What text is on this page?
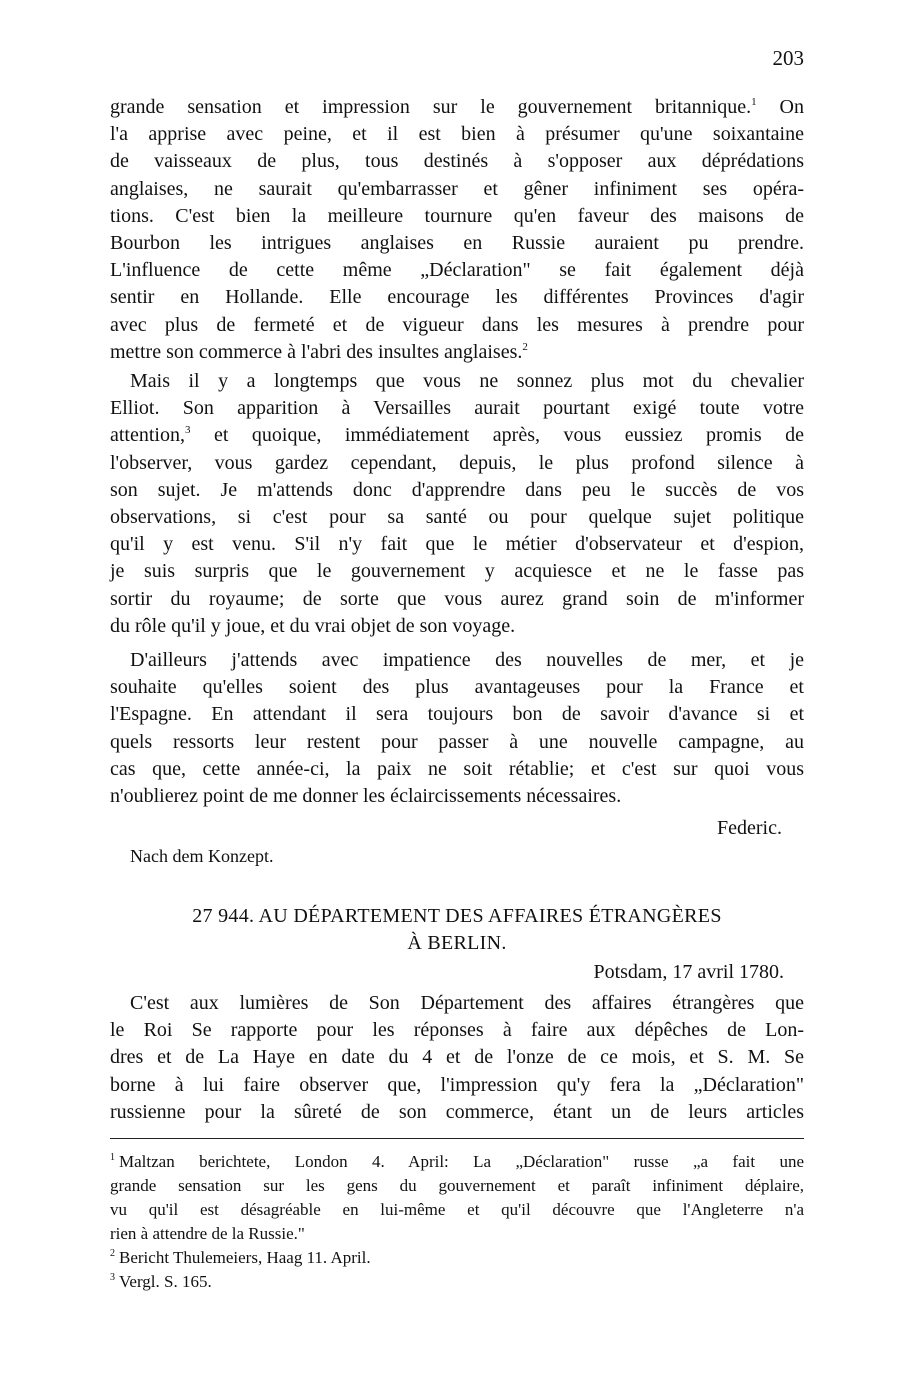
203
grande sensation et impression sur le gouvernement britannique.$^1$ On
l'a apprise avec peine, et il est bien à présumer qu'une soixantaine
de vaisseaux de plus, tous destinés à s'opposer aux déprédations
anglaises, ne saurait qu'embarrasser et gêner infiniment ses opéra-
tions. C'est bien la meilleure tournure qu'en faveur des maisons de
Bourbon les intrigues anglaises en Russie auraient pu prendre.
L'influence de cette même „Déclaration" se fait également déjà
sentir en Hollande. Elle encourage les différentes Provinces d'agir
avec plus de fermeté et de vigueur dans les mesures à prendre pour
mettre son commerce à l'abri des insultes anglaises.$^2$
Mais il y a longtemps que vous ne sonnez plus mot du chevalier
Elliot. Son apparition à Versailles aurait pourtant exigé toute votre
attention,$^3$ et quoique, immédiatement après, vous eussiez promis de
l'observer, vous gardez cependant, depuis, le plus profond silence à
son sujet. Je m'attends donc d'apprendre dans peu le succès de vos
observations, si c'est pour sa santé ou pour quelque sujet politique
qu'il y est venu. S'il n'y fait que le métier d'observateur et d'espion,
je suis surpris que le gouvernement y acquiesce et ne le fasse pas
sortir du royaume; de sorte que vous aurez grand soin de m'informer
du rôle qu'il y joue, et du vrai objet de son voyage.
D'ailleurs j'attends avec impatience des nouvelles de mer, et je
souhaite qu'elles soient des plus avantageuses pour la France et
l'Espagne. En attendant il sera toujours bon de savoir d'avance si et
quels ressorts leur restent pour passer à une nouvelle campagne, au
cas que, cette année-ci, la paix ne soit rétablie; et c'est sur quoi vous
n'oublierez point de me donner les éclaircissements nécessaires.
Federic.
Nach dem Konzept.
27 944. AU DÉPARTEMENT DES AFFAIRES ÉTRANGÈRES
À BERLIN.
Potsdam, 17 avril 1780.
C'est aux lumières de Son Département des affaires étrangères que
le Roi Se rapporte pour les réponses à faire aux dépêches de Lon-
dres et de La Haye en date du 4 et de l'onze de ce mois, et S. M. Se
borne à lui faire observer que, l'impression qu'y fera la „Déclaration"
russienne pour la sûreté de son commerce, étant un de leurs articles
$^1$ Maltzan berichtete, London 4. April: La „Déclaration" russe „a fait une
grande sensation sur les gens du gouvernement et paraît infiniment déplaire,
vu qu'il est désagréable en lui-même et qu'il découvre que l'Angleterre n'a
rien à attendre de la Russie."
$^2$ Bericht Thulemeiers, Haag 11. April.
$^3$ Vergl. S. 165.
